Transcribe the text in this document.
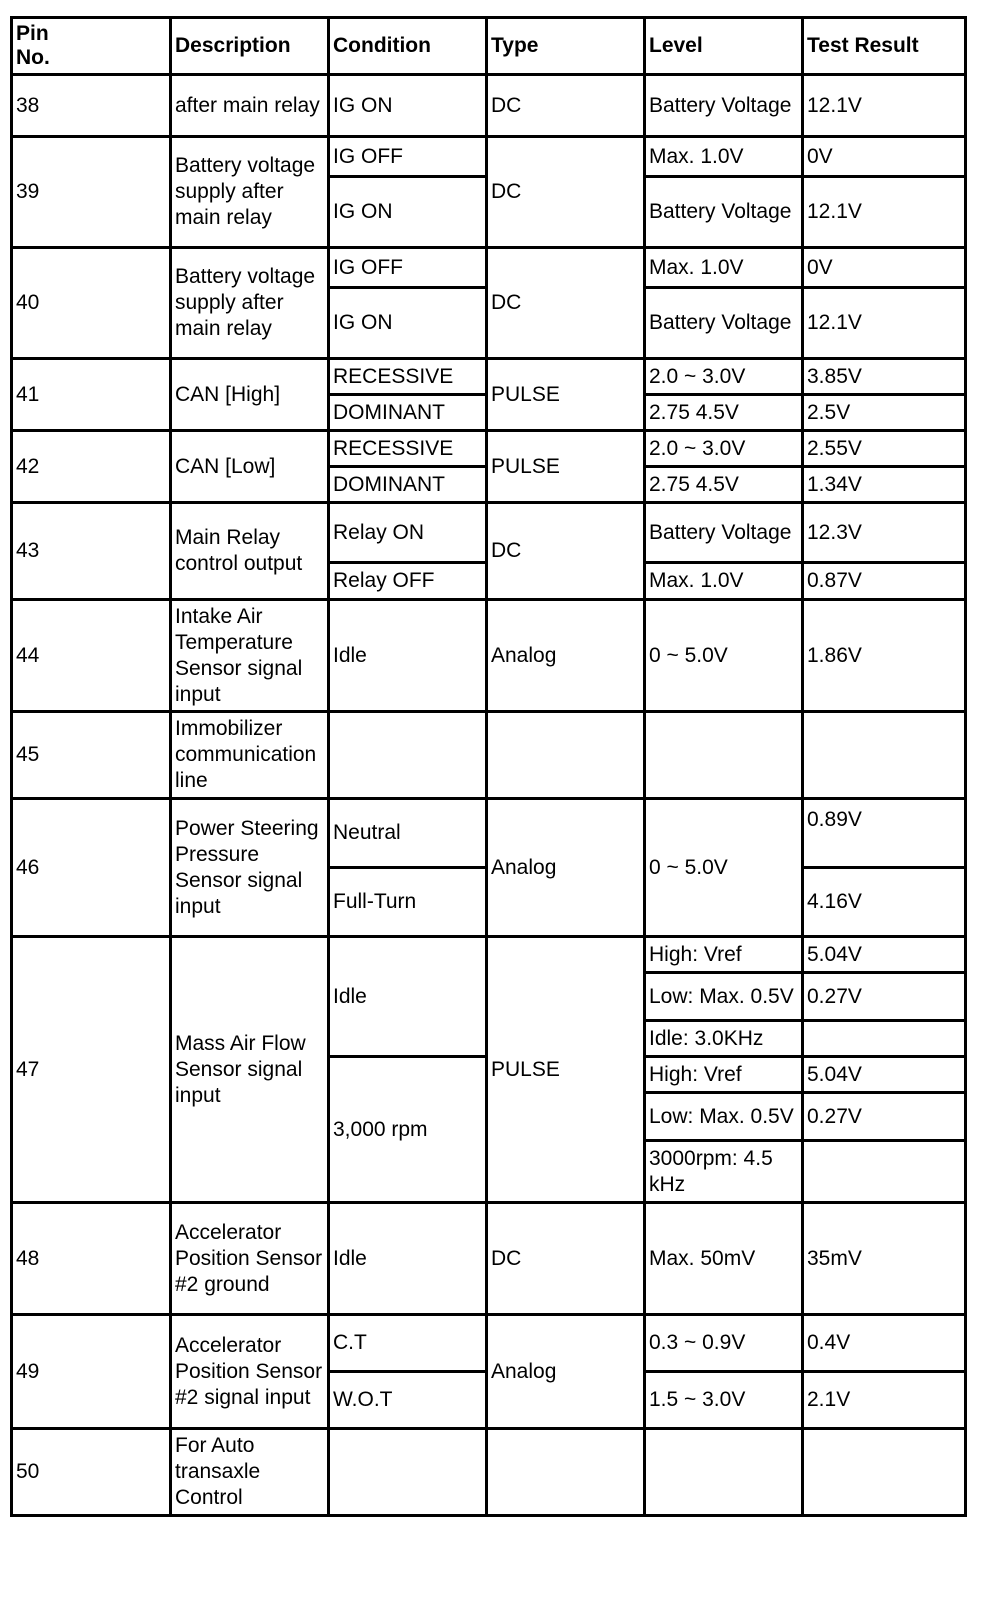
Pin No.	Description	Condition	Type	Level	Test Result
38	after main relay	IG ON	DC	Battery Voltage	12.1V
39	Battery voltage supply after main relay	IG OFF	DC	Max. 1.0V	0V
		IG ON		Battery Voltage	12.1V
40	Battery voltage supply after main relay	IG OFF	DC	Max. 1.0V	0V
		IG ON		Battery Voltage	12.1V
41	CAN [High]	RECESSIVE	PULSE	2.0 ~ 3.0V	3.85V
		DOMINANT		2.75 4.5V	2.5V
42	CAN [Low]	RECESSIVE	PULSE	2.0 ~ 3.0V	2.55V
		DOMINANT		2.75 4.5V	1.34V
43	Main Relay control output	Relay ON	DC	Battery Voltage	12.3V
		Relay OFF		Max. 1.0V	0.87V
44	Intake Air Temperature Sensor signal input	Idle	Analog	0 ~ 5.0V	1.86V
45	Immobilizer communication line				
46	Power Steering Pressure Sensor signal input	Neutral	Analog	0 ~ 5.0V	0.89V
		Full-Turn			4.16V
47	Mass Air Flow Sensor signal input	Idle	PULSE	High: Vref	5.04V
				Low: Max. 0.5V	0.27V
				Idle: 3.0KHz	
		3,000 rpm		High: Vref	5.04V
				Low: Max. 0.5V	0.27V
				3000rpm: 4.5 kHz	
48	Accelerator Position Sensor #2 ground	Idle	DC	Max. 50mV	35mV
49	Accelerator Position Sensor #2 signal input	C.T	Analog	0.3 ~ 0.9V	0.4V
		W.O.T		1.5 ~ 3.0V	2.1V
50	For Auto transaxle Control				
